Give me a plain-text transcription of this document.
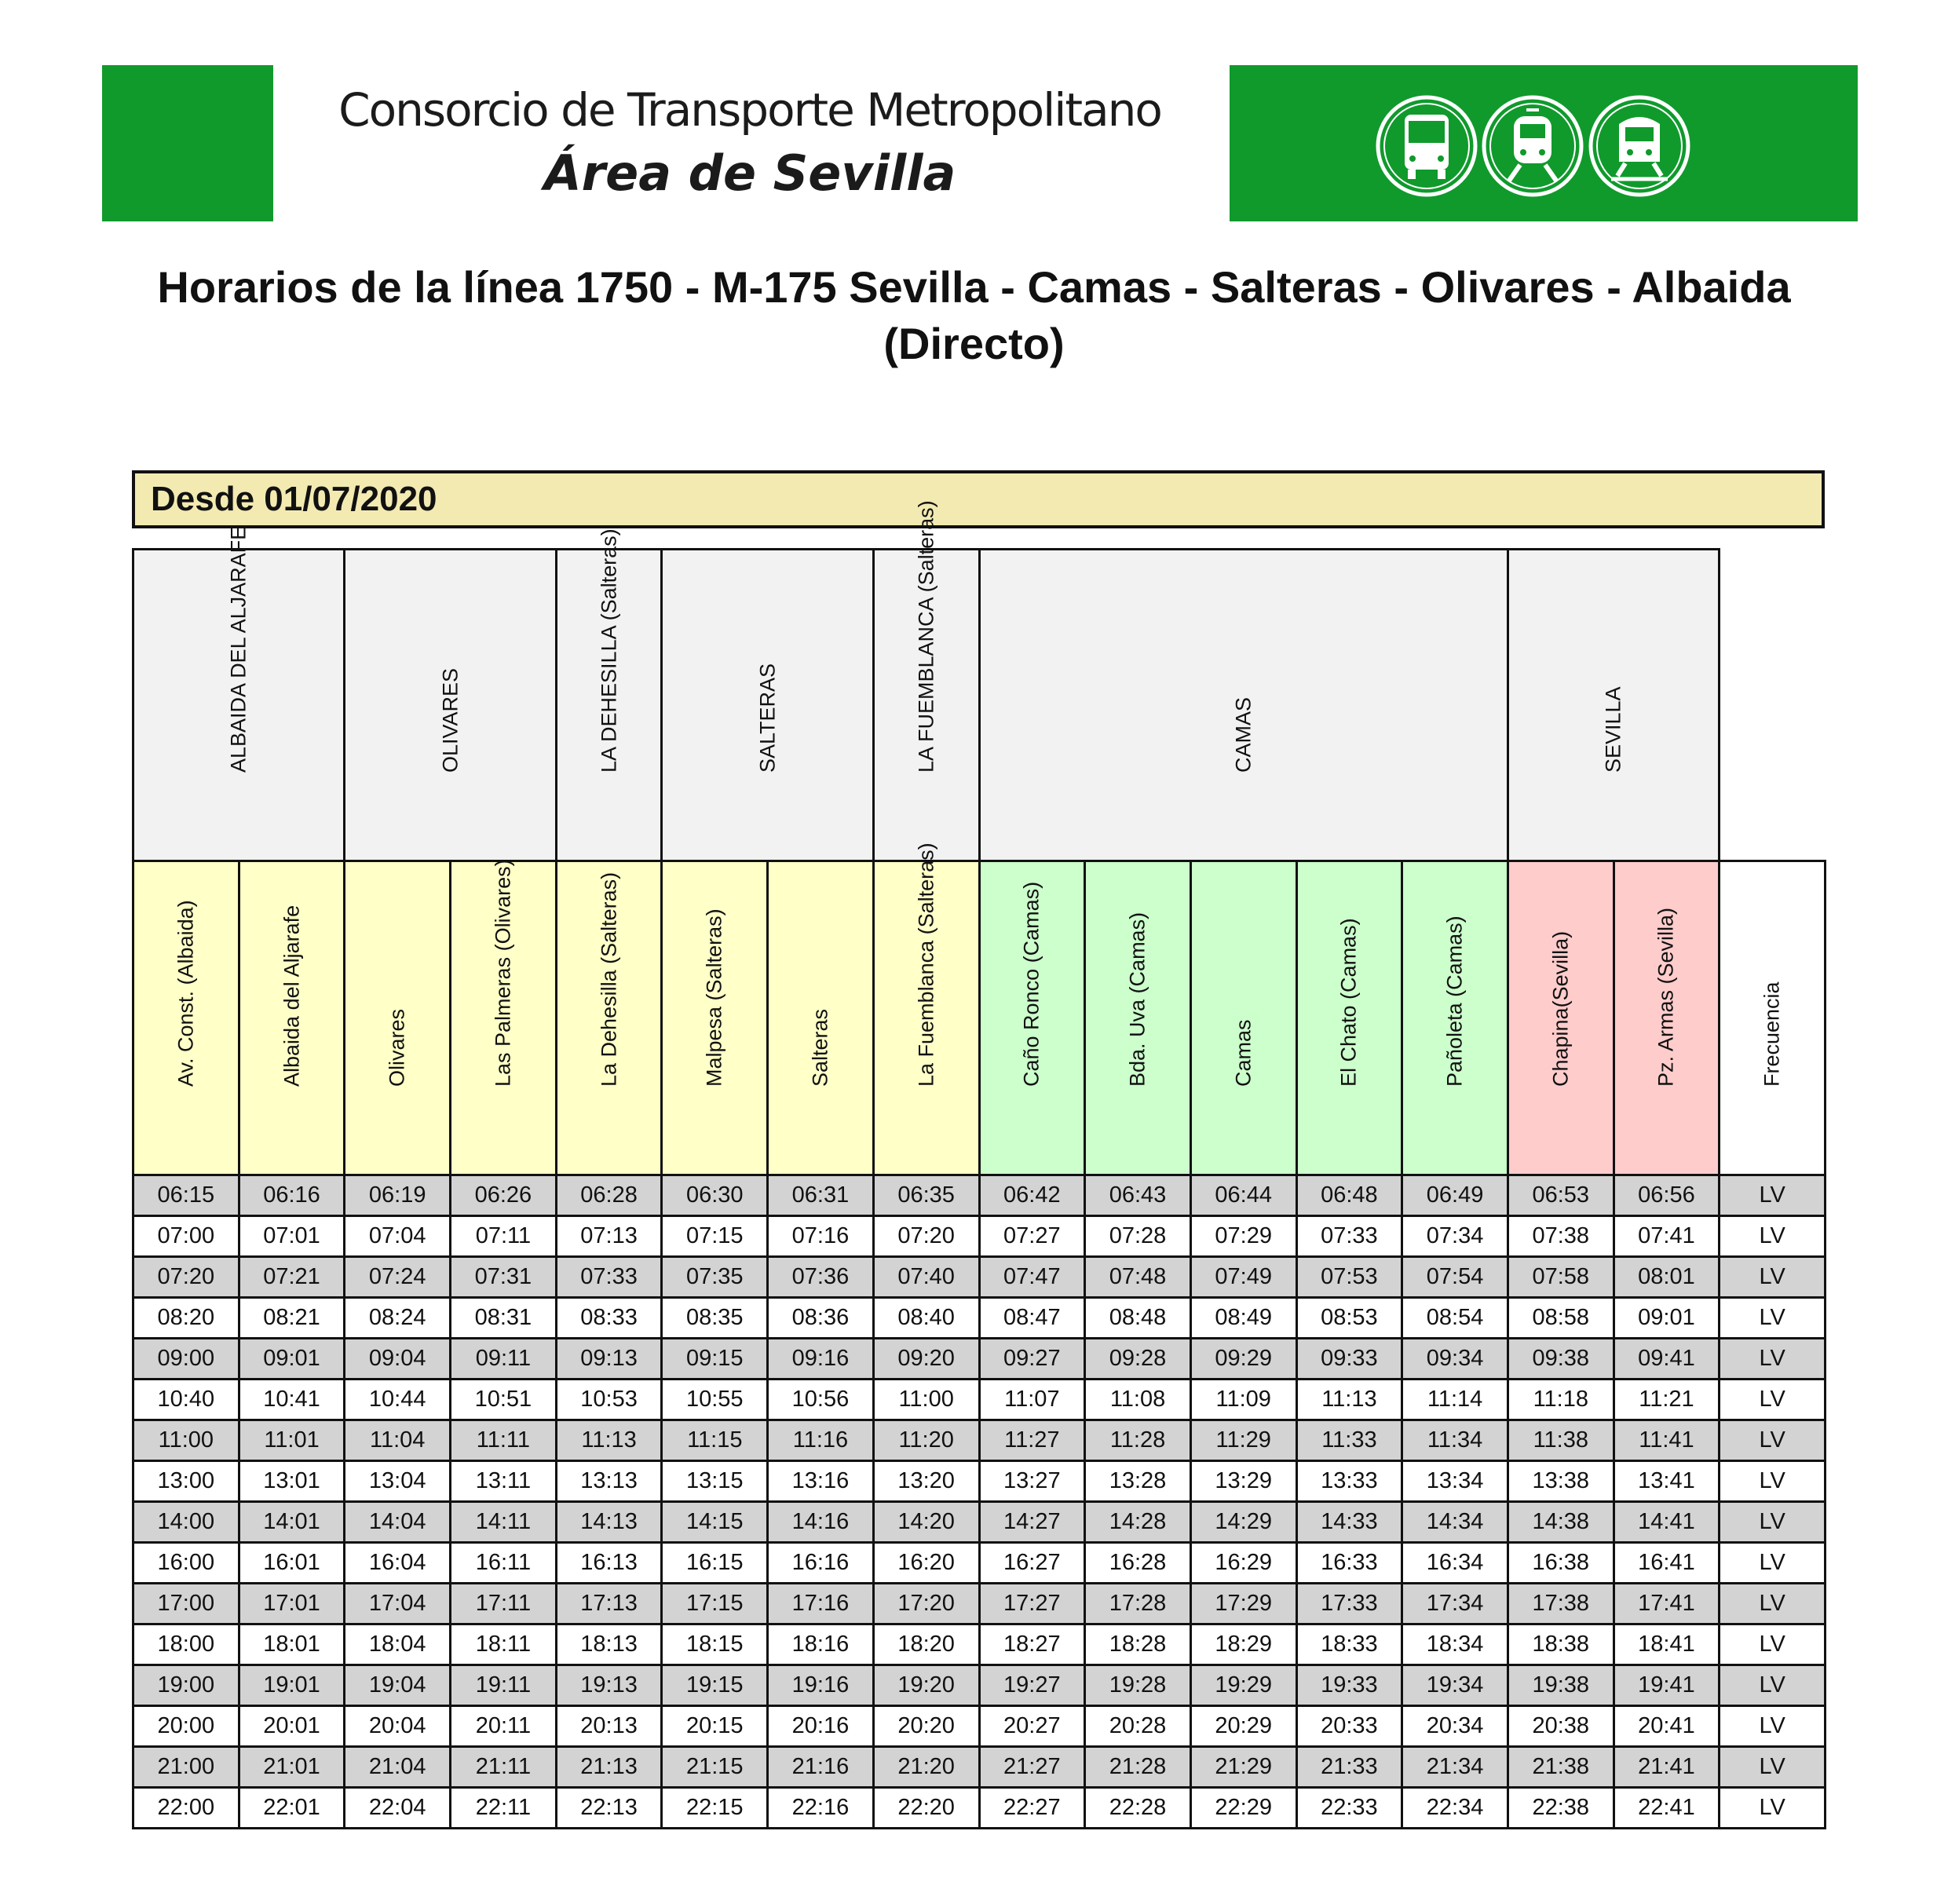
Consorcio de Transporte Metropolitano
Área de Sevilla
Horarios de la línea 1750 - M-175 Sevilla - Camas - Salteras - Olivares - Albaida
(Directo)
Desde 01/07/2020
ALBAIDA DEL ALJARAFE		OLIVARES		LA DEHESILLA (Salteras)	SALTERAS		LA FUEMBLANCA (Salteras)	CAMAS					SEVILLA		

Av. Const. (Albaida)	Albaida del Aljarafe	Olivares	Las Palmeras (Olivares)	La Dehesilla (Salteras)	Malpesa (Salteras)	Salteras	La Fuemblanca (Salteras)	Caño Ronco (Camas)	Bda. Uva (Camas)	Camas	El Chato (Camas)	Pañoleta (Camas)	Chapina(Sevilla)	Pz. Armas (Sevilla)	Frecuencia

06:15	06:16	06:19	06:26	06:28	06:30	06:31	06:35	06:42	06:43	06:44	06:48	06:49	06:53	06:56	LV
07:00	07:01	07:04	07:11	07:13	07:15	07:16	07:20	07:27	07:28	07:29	07:33	07:34	07:38	07:41	LV
07:20	07:21	07:24	07:31	07:33	07:35	07:36	07:40	07:47	07:48	07:49	07:53	07:54	07:58	08:01	LV
08:20	08:21	08:24	08:31	08:33	08:35	08:36	08:40	08:47	08:48	08:49	08:53	08:54	08:58	09:01	LV
09:00	09:01	09:04	09:11	09:13	09:15	09:16	09:20	09:27	09:28	09:29	09:33	09:34	09:38	09:41	LV
10:40	10:41	10:44	10:51	10:53	10:55	10:56	11:00	11:07	11:08	11:09	11:13	11:14	11:18	11:21	LV
11:00	11:01	11:04	11:11	11:13	11:15	11:16	11:20	11:27	11:28	11:29	11:33	11:34	11:38	11:41	LV
13:00	13:01	13:04	13:11	13:13	13:15	13:16	13:20	13:27	13:28	13:29	13:33	13:34	13:38	13:41	LV
14:00	14:01	14:04	14:11	14:13	14:15	14:16	14:20	14:27	14:28	14:29	14:33	14:34	14:38	14:41	LV
16:00	16:01	16:04	16:11	16:13	16:15	16:16	16:20	16:27	16:28	16:29	16:33	16:34	16:38	16:41	LV
17:00	17:01	17:04	17:11	17:13	17:15	17:16	17:20	17:27	17:28	17:29	17:33	17:34	17:38	17:41	LV
18:00	18:01	18:04	18:11	18:13	18:15	18:16	18:20	18:27	18:28	18:29	18:33	18:34	18:38	18:41	LV
19:00	19:01	19:04	19:11	19:13	19:15	19:16	19:20	19:27	19:28	19:29	19:33	19:34	19:38	19:41	LV
20:00	20:01	20:04	20:11	20:13	20:15	20:16	20:20	20:27	20:28	20:29	20:33	20:34	20:38	20:41	LV
21:00	21:01	21:04	21:11	21:13	21:15	21:16	21:20	21:27	21:28	21:29	21:33	21:34	21:38	21:41	LV
22:00	22:01	22:04	22:11	22:13	22:15	22:16	22:20	22:27	22:28	22:29	22:33	22:34	22:38	22:41	LV
